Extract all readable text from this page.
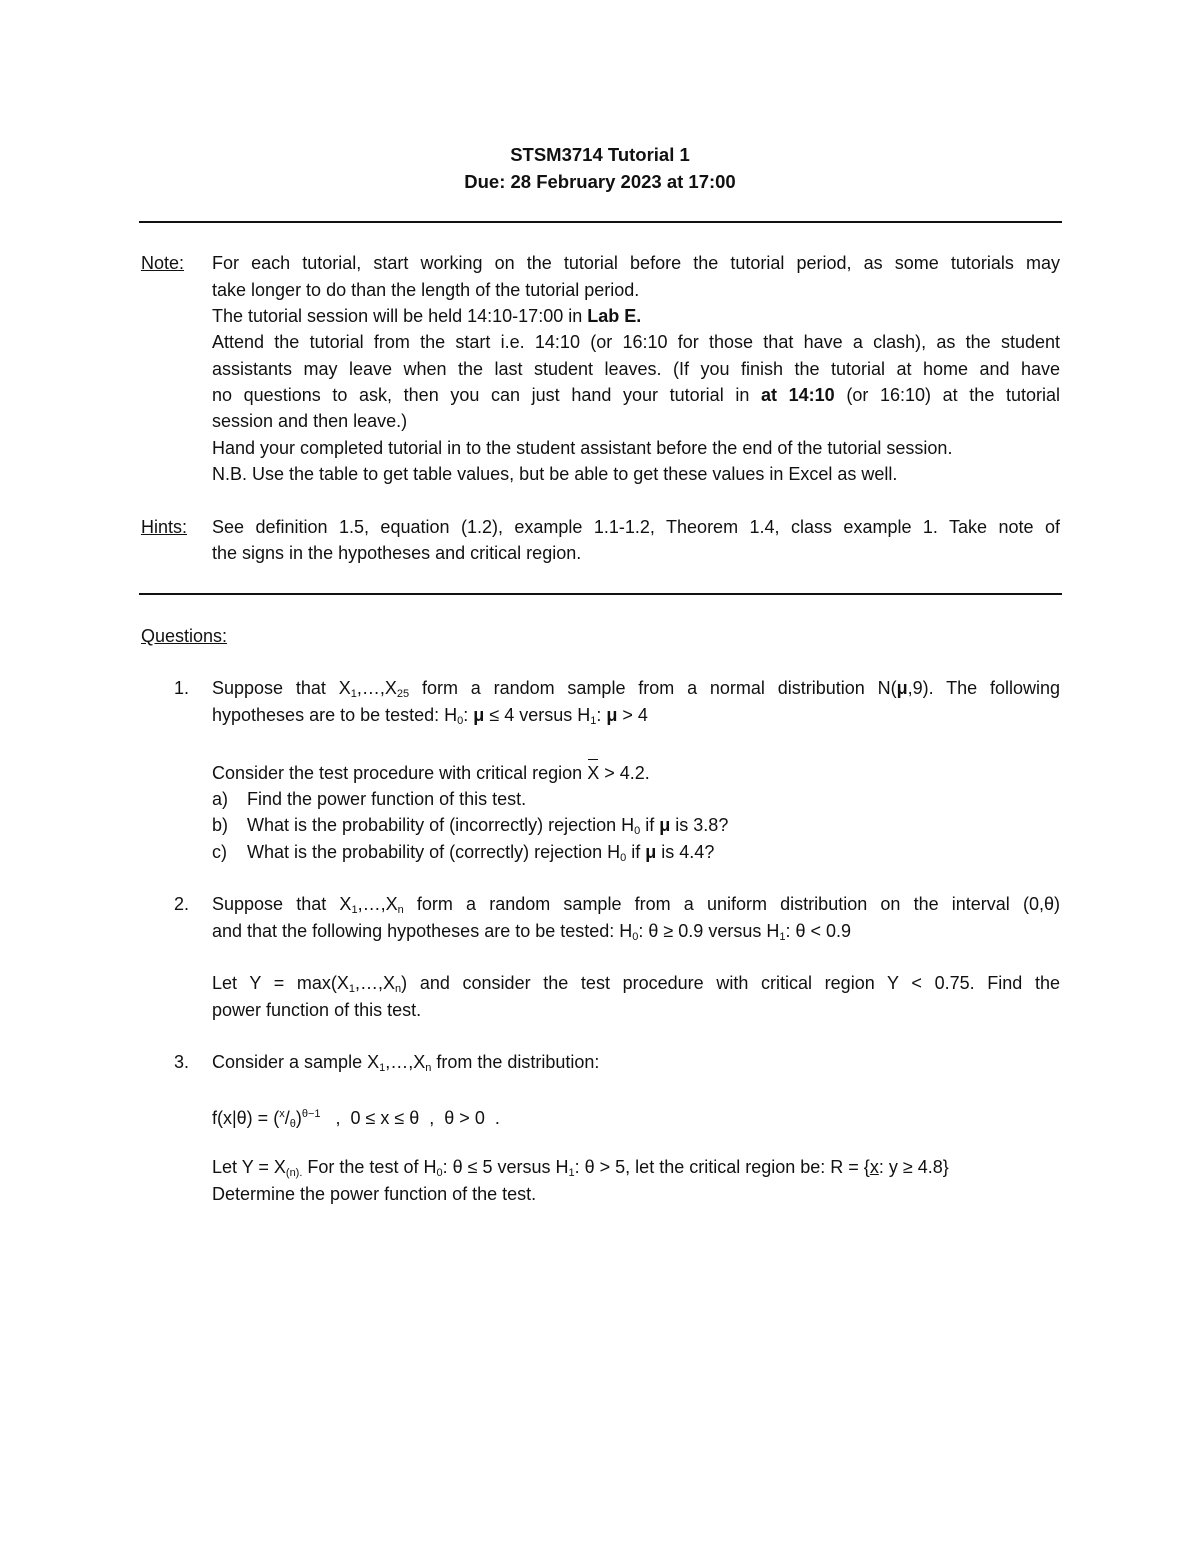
STSM3714 Tutorial 1
Due: 28 February 2023 at 17:00
Note: For each tutorial, start working on the tutorial before the tutorial period, as some tutorials may
take longer to do than the length of the tutorial period.
The tutorial session will be held 14:10-17:00 in Lab E.
Attend the tutorial from the start i.e. 14:10 (or 16:10 for those that have a clash), as the student
assistants may leave when the last student leaves. (If you finish the tutorial at home and have
no questions to ask, then you can just hand your tutorial in at 14:10 (or 16:10) at the tutorial
session and then leave.)
Hand your completed tutorial in to the student assistant before the end of the tutorial session.
N.B. Use the table to get table values, but be able to get these values in Excel as well.
Hints: See definition 1.5, equation (1.2), example 1.1-1.2, Theorem 1.4, class example 1. Take note of
the signs in the hypotheses and critical region.
Questions:
1. Suppose that $X_1,\dots,X_{25}$ form a random sample from a normal distribution N(μ,9). The following
hypotheses are to be tested: $H_0$: μ ≤ 4 versus $H_1$: μ > 4
Consider the test procedure with critical region X > 4.2.
a) Find the power function of this test.
b) What is the probability of (incorrectly) rejection $H_0$ if μ is 3.8?
c) What is the probability of (correctly) rejection $H_0$ if μ is 4.4?
2. Suppose that $X_1,\dots,X_n$ form a random sample from a uniform distribution on the interval (0,θ)
and that the following hypotheses are to be tested: $H_0$: θ ≥ 0.9 versus $H_1$: θ < 0.9
Let $Y = \max(X_1,\dots,X_n)$ and consider the test procedure with critical region Y < 0.75. Find the
power function of this test.
3. Consider a sample $X_1,\dots,X_n$ from the distribution:
$f(x|\theta) = (^x/_\theta)^{\theta-1}$   ,  0 ≤ x ≤ θ  ,  θ > 0  .
Let $Y = X_{(n).}$ For the test of $H_0$: θ ≤ 5 versus $H_1$: θ > 5, let the critical region be: R = {x: y ≥ 4.8}
Determine the power function of the test.
